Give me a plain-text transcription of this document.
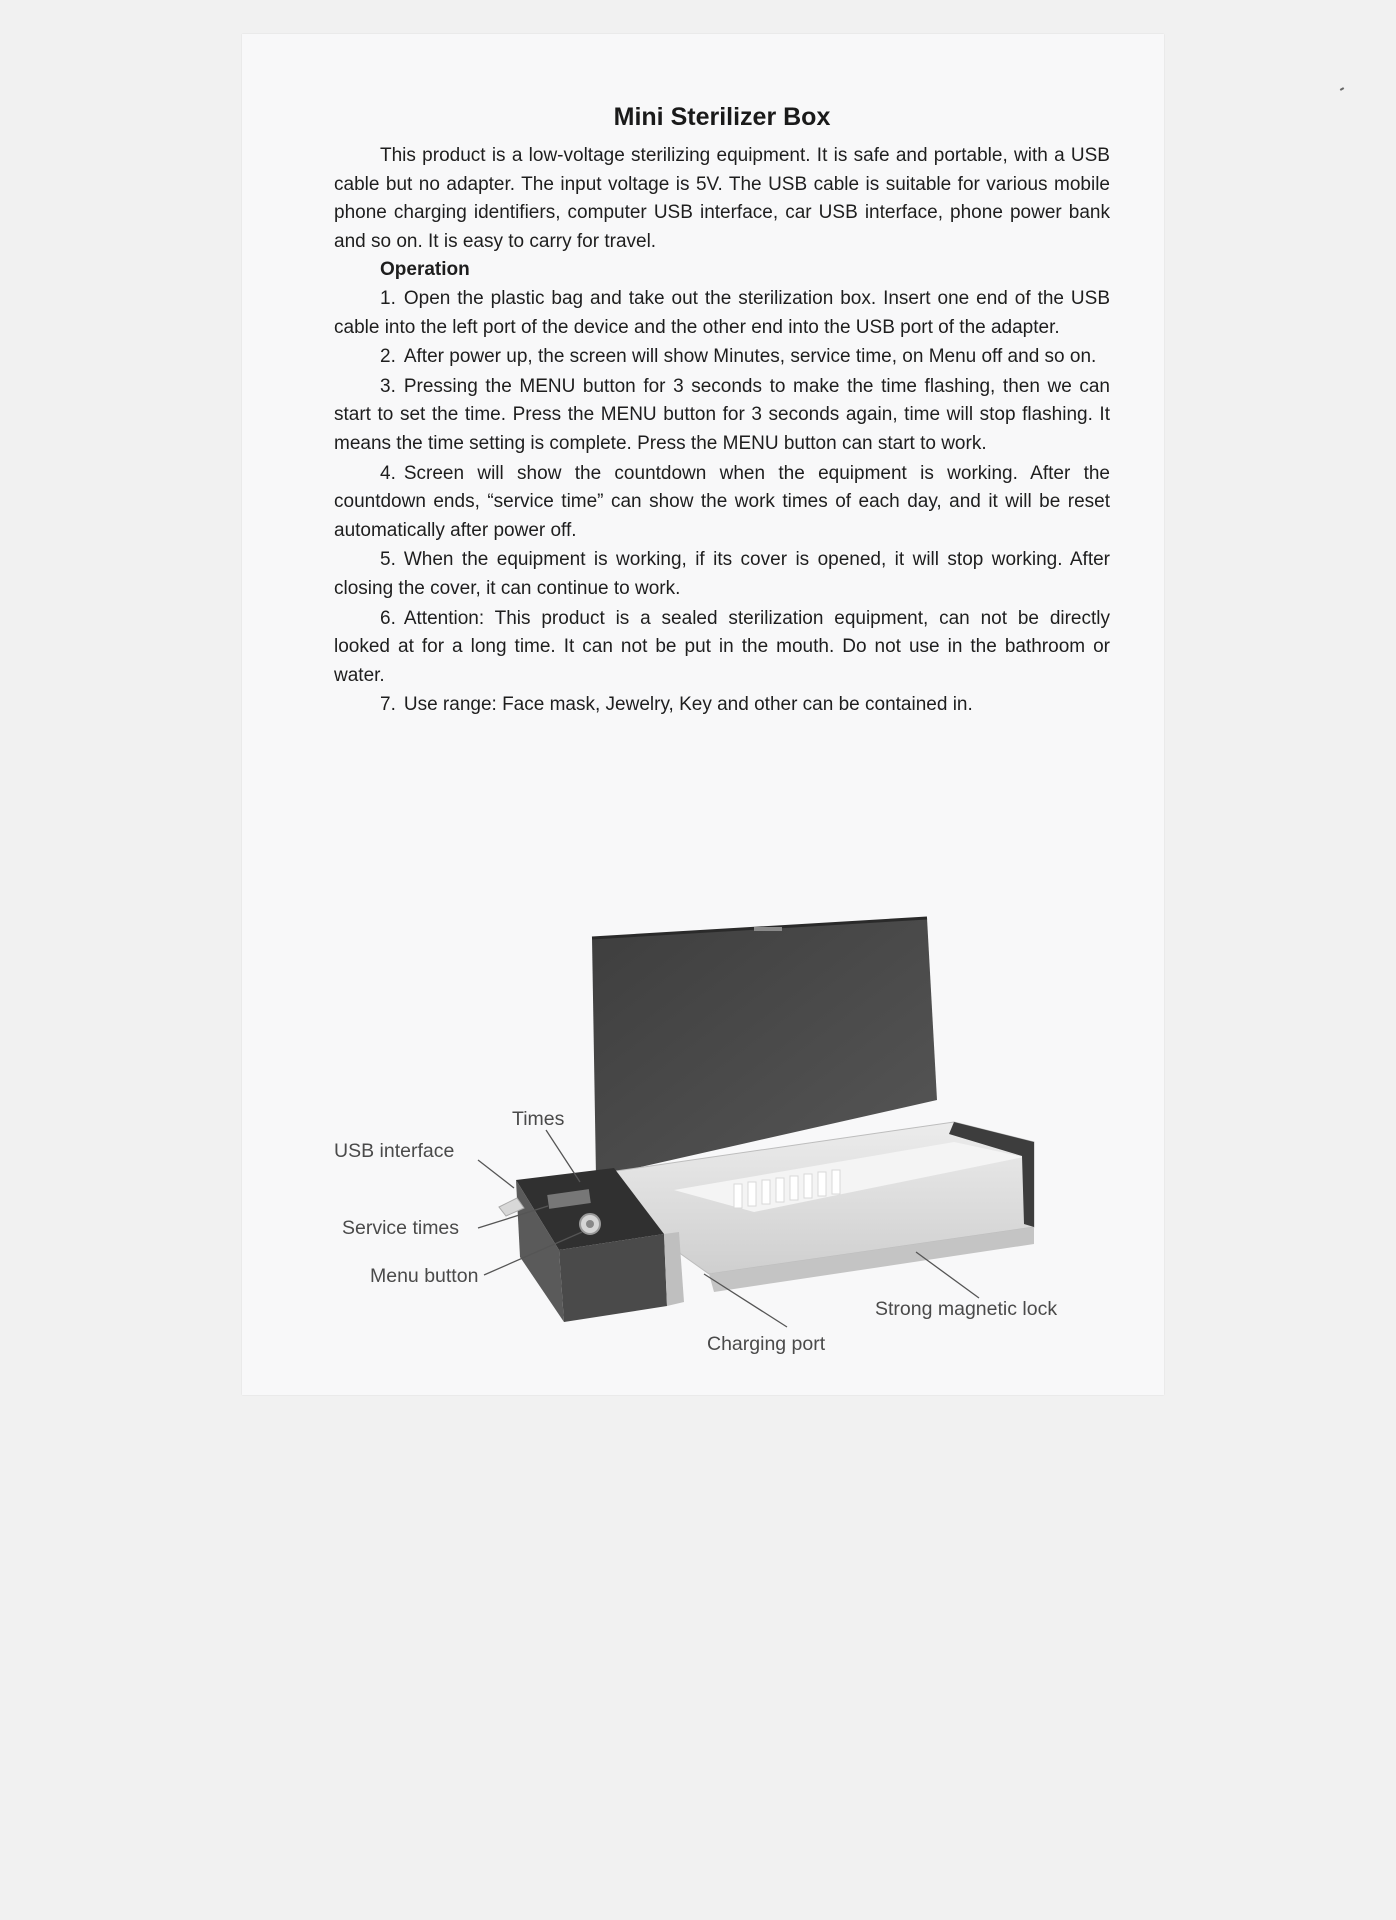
Mini Sterilizer Box

This product is a low-voltage sterilizing equipment. It is safe and portable, with a USB cable but no adapter. The input voltage is 5V. The USB cable is suitable for various mobile phone charging identifiers, computer USB interface, car USB interface, phone power bank and so on. It is easy to carry for travel.

Operation

1. Open the plastic bag and take out the sterilization box. Insert one end of the USB cable into the left port of the device and the other end into the USB port of the adapter.
2. After power up, the screen will show Minutes, service time, on Menu off and so on.
3. Pressing the MENU button for 3 seconds to make the time flashing, then we can start to set the time. Press the MENU button for 3 seconds again, time will stop flashing. It means the time setting is complete. Press the MENU button can start to work.
4. Screen will show the countdown when the equipment is working. After the countdown ends, “service time” can show the work times of each day, and it will be reset automatically after power off.
5. When the equipment is working, if its cover is opened, it will stop working. After closing the cover, it can continue to work.
6. Attention: This product is a sealed sterilization equipment, can not be directly looked at for a long time. It can not be put in the mouth. Do not use in the bathroom or water.
7. Use range: Face mask, Jewelry, Key and other can be contained in.
Times
USB interface
Service times
Menu button
Strong magnetic lock
Charging port
